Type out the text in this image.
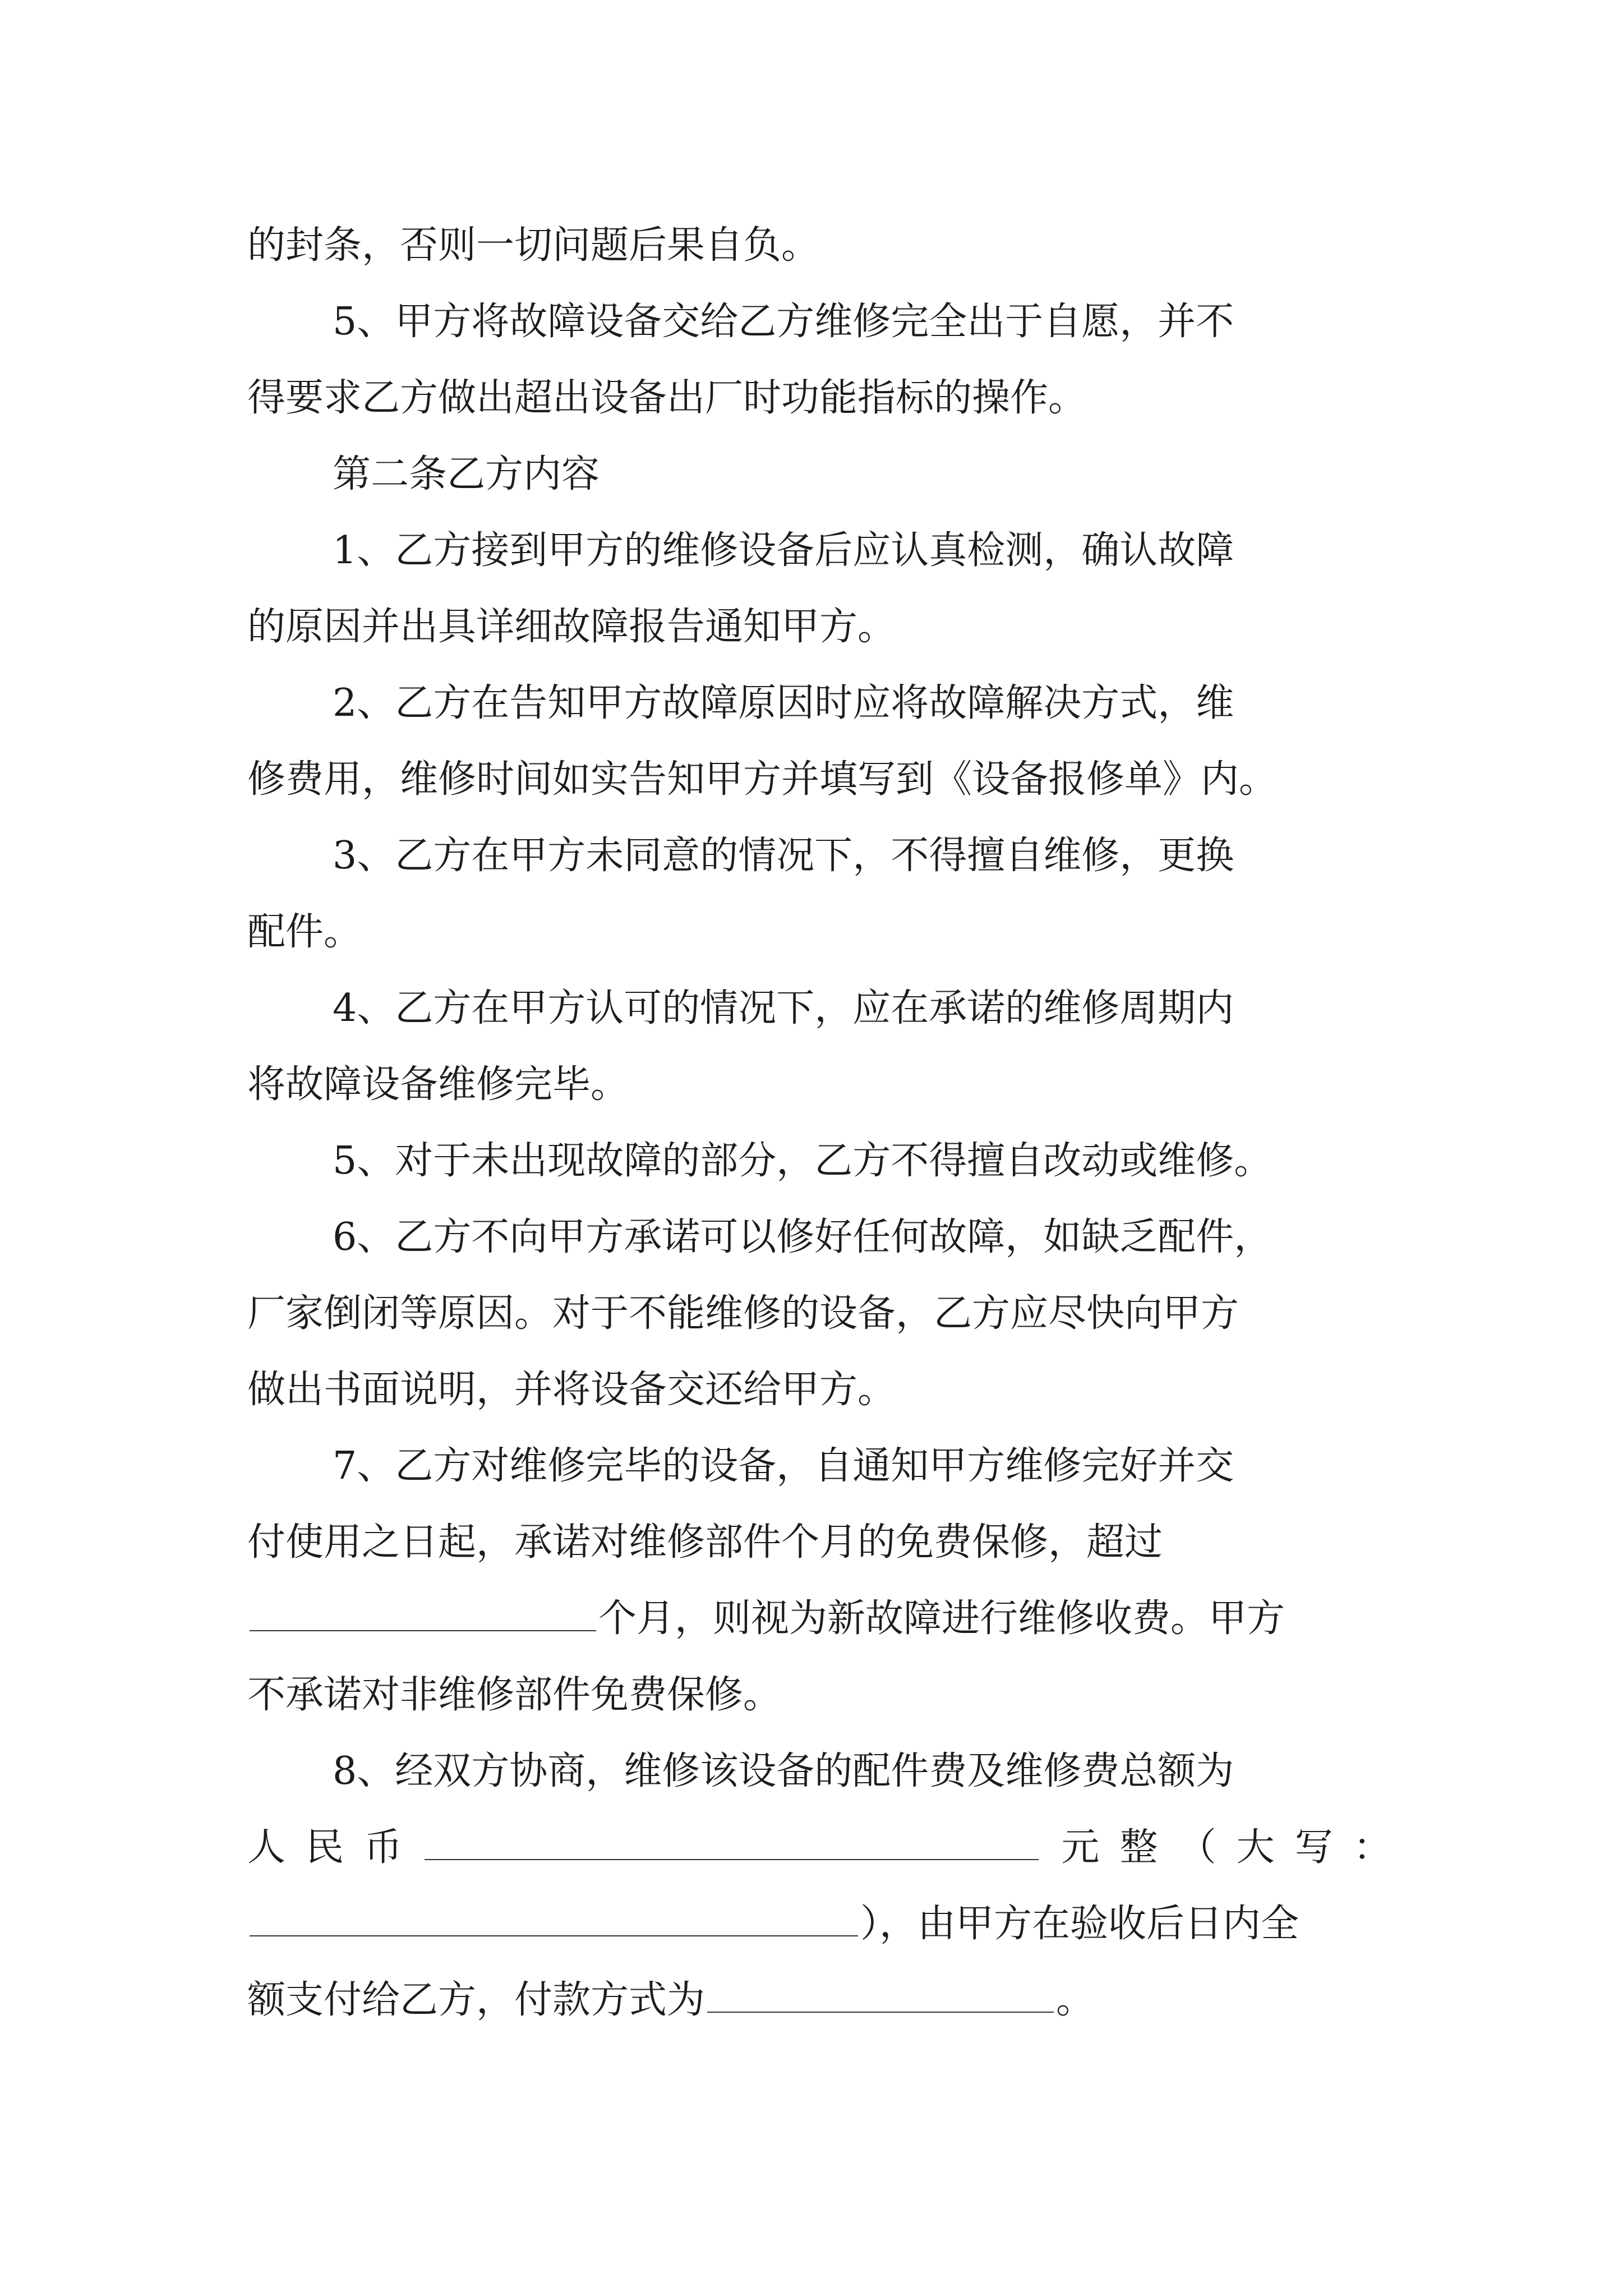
的封条，否则一切问题后果自负。
5、甲方将故障设备交给乙方维修完全出于自愿，并不
得要求乙方做出超出设备出厂时功能指标的操作。
第二条乙方内容
1、乙方接到甲方的维修设备后应认真检测，确认故障
的原因并出具详细故障报告通知甲方。
2、乙方在告知甲方故障原因时应将故障解决方式，维
修费用，维修时间如实告知甲方并填写到《设备报修单》内。
3、乙方在甲方未同意的情况下，不得擅自维修，更换
配件。
4、乙方在甲方认可的情况下，应在承诺的维修周期内
将故障设备维修完毕。
5、对于未出现故障的部分，乙方不得擅自改动或维修。
6、乙方不向甲方承诺可以修好任何故障，如缺乏配件，
厂家倒闭等原因。对于不能维修的设备，乙方应尽快向甲方
做出书面说明，并将设备交还给甲方。
7、乙方对维修完毕的设备，自通知甲方维修完好并交
付使用之日起，承诺对维修部件个月的免费保修，超过
个月，则视为新故障进行维修收费。甲方
不承诺对非维修部件免费保修。
8、经双方协商，维修该设备的配件费及维修费总额为
人 民 币	元 整 （ 大 写 ：
），由甲方在验收后日内全
额支付给乙方，付款方式为	。
